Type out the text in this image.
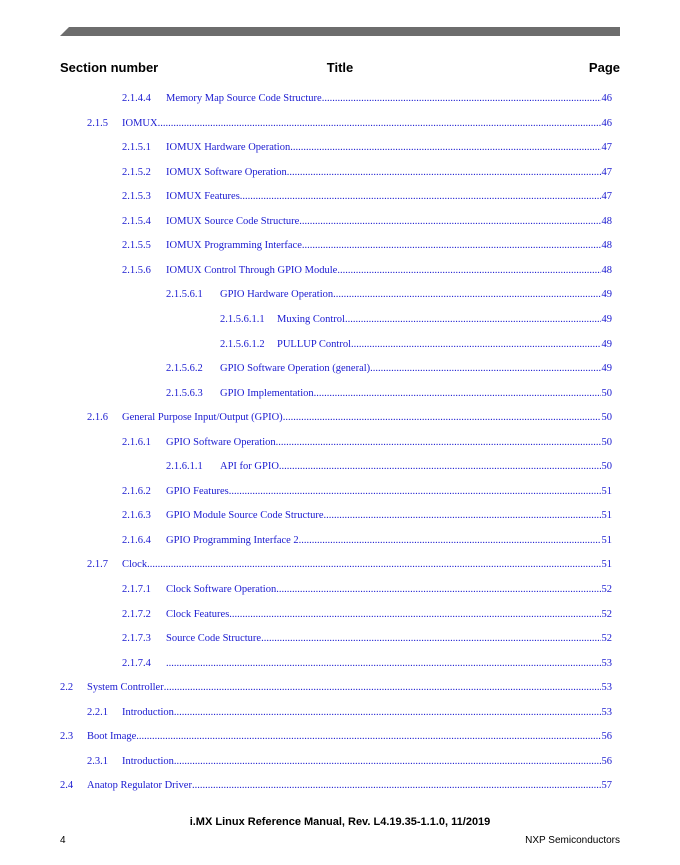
Section number	Title	Page
2.1.4.4 Memory Map Source Code Structure .....	46
2.1.5 IOMUX .....	46
2.1.5.1 IOMUX Hardware Operation .....	47
2.1.5.2 IOMUX Software Operation .....	47
2.1.5.3 IOMUX Features .....	47
2.1.5.4 IOMUX Source Code Structure .....	48
2.1.5.5 IOMUX Programming Interface .....	48
2.1.5.6 IOMUX Control Through GPIO Module .....	48
2.1.5.6.1 GPIO Hardware Operation .....	49
2.1.5.6.1.1 Muxing Control .....	49
2.1.5.6.1.2 PULLUP Control .....	49
2.1.5.6.2 GPIO Software Operation (general) .....	49
2.1.5.6.3 GPIO Implementation .....	50
2.1.6 General Purpose Input/Output (GPIO) .....	50
2.1.6.1 GPIO Software Operation .....	50
2.1.6.1.1 API for GPIO .....	50
2.1.6.2 GPIO Features .....	51
2.1.6.3 GPIO Module Source Code Structure .....	51
2.1.6.4 GPIO Programming Interface 2 .....	51
2.1.7 Clock .....	51
2.1.7.1 Clock Software Operation .....	52
2.1.7.2 Clock Features .....	52
2.1.7.3 Source Code Structure .....	52
2.1.7.4 .....	53
2.2 System Controller .....	53
2.2.1 Introduction .....	53
2.3 Boot Image .....	56
2.3.1 Introduction .....	56
2.4 Anatop Regulator Driver .....	57
i.MX Linux Reference Manual, Rev. L4.19.35-1.1.0, 11/2019
4	NXP Semiconductors
